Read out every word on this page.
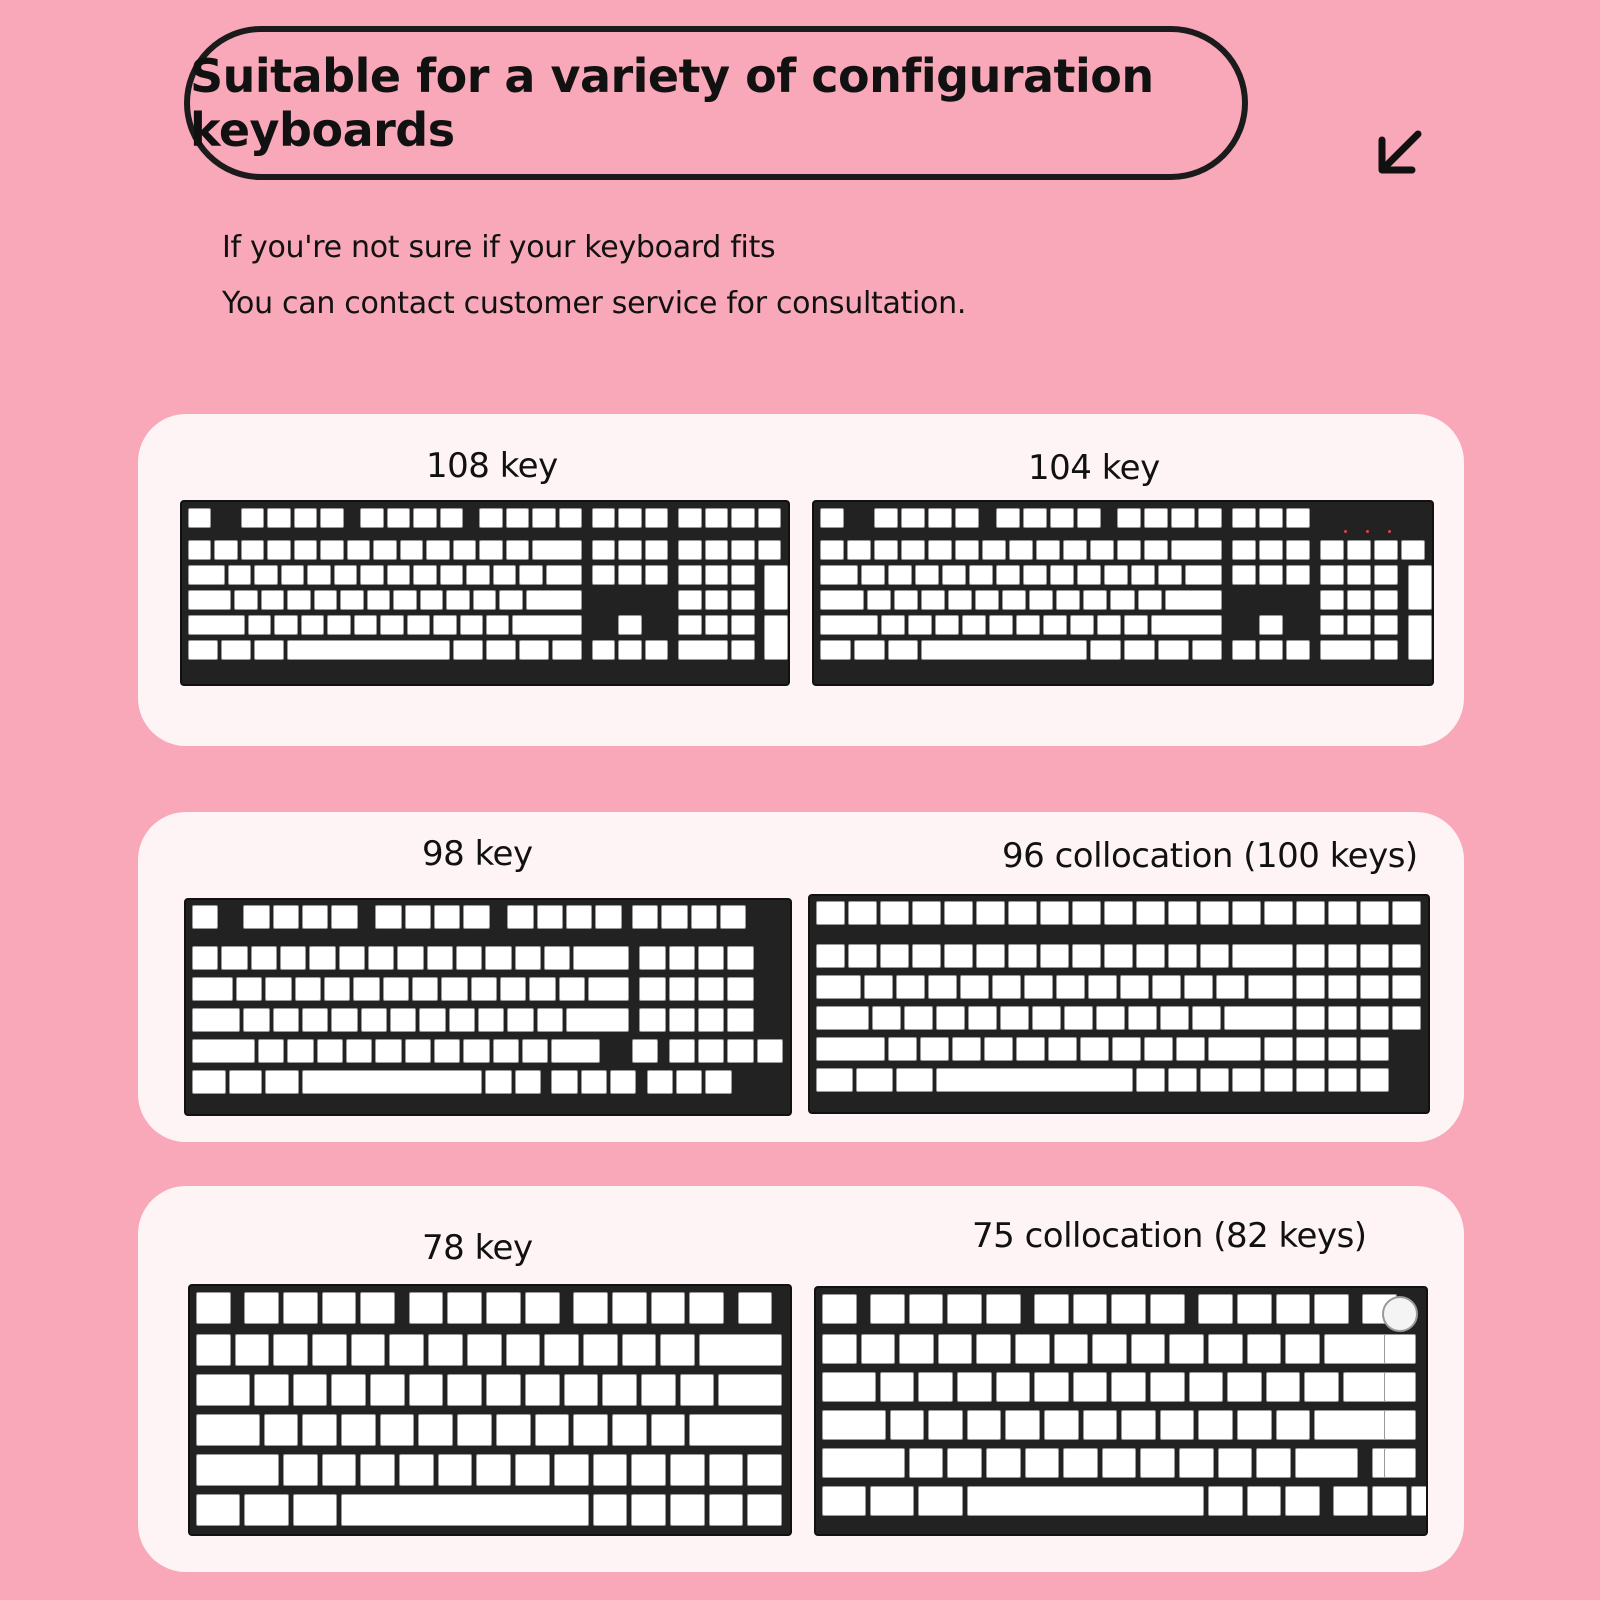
Suitable for a variety of configuration keyboards
If you're not sure if your keyboard fits
You can contact customer service for consultation.
108 key	104 key
98 key	96 collocation (100 keys)
78 key	75 collocation (82 keys)
